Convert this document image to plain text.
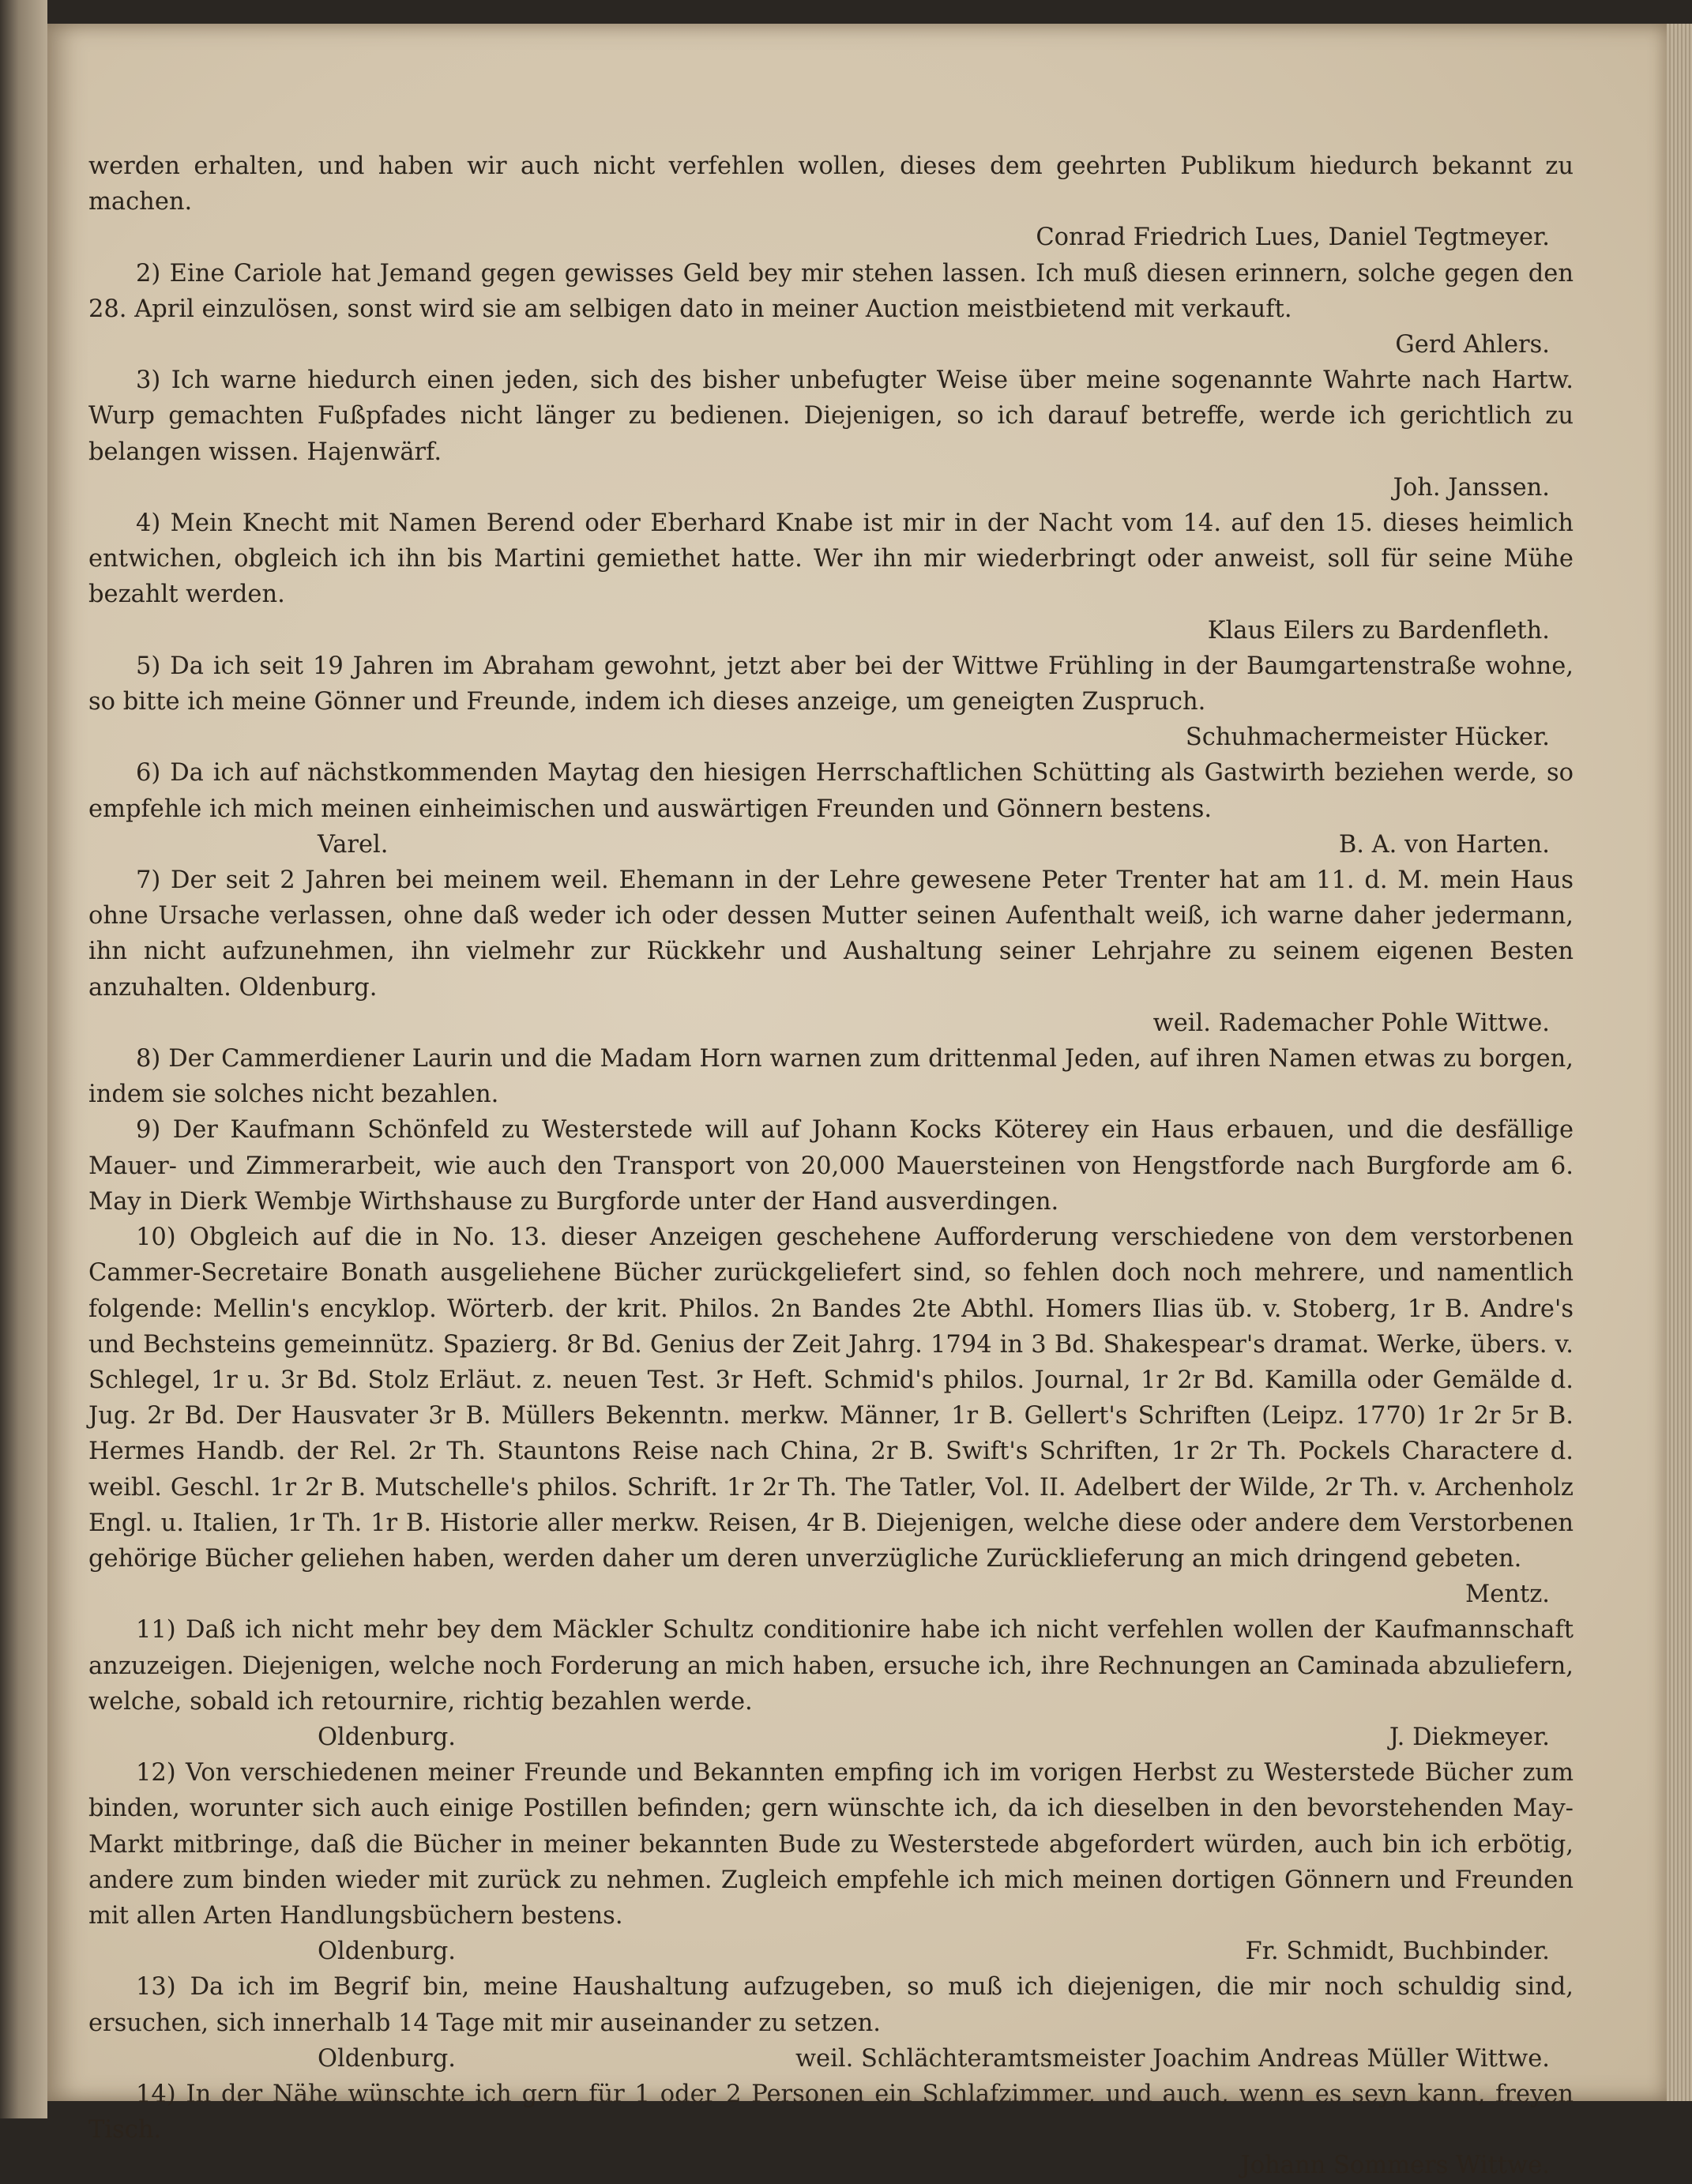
werden erhalten, und haben wir auch nicht verfehlen wollen, dieses dem geehrten Publikum hiedurch bekannt zu machen.

Conrad Friedrich Lues, Daniel Tegtmeyer.

2) Eine Cariole hat Jemand gegen gewisses Geld bey mir stehen lassen. Ich muß diesen erinnern, solche gegen den 28. April einzulösen, sonst wird sie am selbigen dato in meiner Auction meistbietend mit verkauft.

Gerd Ahlers.

3) Ich warne hiedurch einen jeden, sich des bisher unbefugter Weise über meine sogenannte Wahrte nach Hartw. Wurp gemachten Fußpfades nicht länger zu bedienen. Diejenigen, so ich darauf betreffe, werde ich gerichtlich zu belangen wissen. Hajenwärf.

Joh. Janssen.

4) Mein Knecht mit Namen Berend oder Eberhard Knabe ist mir in der Nacht vom 14. auf den 15. dieses heimlich entwichen, obgleich ich ihn bis Martini gemiethet hatte. Wer ihn mir wiederbringt oder anweist, soll für seine Mühe bezahlt werden.

Klaus Eilers zu Bardenfleth.

5) Da ich seit 19 Jahren im Abraham gewohnt, jetzt aber bei der Wittwe Frühling in der Baumgartenstraße wohne, so bitte ich meine Gönner und Freunde, indem ich dieses anzeige, um geneigten Zuspruch.

Schuhmachermeister Hücker.

6) Da ich auf nächstkommenden Maytag den hiesigen Herrschaftlichen Schütting als Gastwirth beziehen werde, so empfehle ich mich meinen einheimischen und auswärtigen Freunden und Gönnern bestens.

Varel.	B. A. von Harten.

7) Der seit 2 Jahren bei meinem weil. Ehemann in der Lehre gewesene Peter Trenter hat am 11. d. M. mein Haus ohne Ursache verlassen, ohne daß weder ich oder dessen Mutter seinen Aufenthalt weiß, ich warne daher jedermann, ihn nicht aufzunehmen, ihn vielmehr zur Rückkehr und Aushaltung seiner Lehrjahre zu seinem eigenen Besten anzuhalten. Oldenburg.

weil. Rademacher Pohle Wittwe.

8) Der Cammerdiener Laurin und die Madam Horn warnen zum drittenmal Jeden, auf ihren Namen etwas zu borgen, indem sie solches nicht bezahlen.

9) Der Kaufmann Schönfeld zu Westerstede will auf Johann Kocks Köterey ein Haus erbauen, und die desfällige Mauer- und Zimmerarbeit, wie auch den Transport von 20,000 Mauersteinen von Hengstforde nach Burgforde am 6. May in Dierk Wembje Wirthshause zu Burgforde unter der Hand ausverdingen.

10) Obgleich auf die in No. 13. dieser Anzeigen geschehene Aufforderung verschiedene von dem verstorbenen Cammer-Secretaire Bonath ausgeliehene Bücher zurückgeliefert sind, so fehlen doch noch mehrere, und namentlich folgende: Mellin's encyklop. Wörterb. der krit. Philos. 2n Bandes 2te Abthl. Homers Ilias üb. v. Stoberg, 1r B. Andre's und Bechsteins gemeinnütz. Spazierg. 8r Bd. Genius der Zeit Jahrg. 1794 in 3 Bd. Shakespear's dramat. Werke, übers. v. Schlegel, 1r u. 3r Bd. Stolz Erläut. z. neuen Test. 3r Heft. Schmid's philos. Journal, 1r 2r Bd. Kamilla oder Gemälde d. Jug. 2r Bd. Der Hausvater 3r B. Müllers Bekenntn. merkw. Männer, 1r B. Gellert's Schriften (Leipz. 1770) 1r 2r 5r B. Hermes Handb. der Rel. 2r Th. Stauntons Reise nach China, 2r B. Swift's Schriften, 1r 2r Th. Pockels Charactere d. weibl. Geschl. 1r 2r B. Mutschelle's philos. Schrift. 1r 2r Th. The Tatler, Vol. II. Adelbert der Wilde, 2r Th. v. Archenholz Engl. u. Italien, 1r Th. 1r B. Historie aller merkw. Reisen, 4r B. Diejenigen, welche diese oder andere dem Verstorbenen gehörige Bücher geliehen haben, werden daher um deren unverzügliche Zurücklieferung an mich dringend gebeten.

Mentz.

11) Daß ich nicht mehr bey dem Mäckler Schultz conditionire habe ich nicht verfehlen wollen der Kaufmannschaft anzuzeigen. Diejenigen, welche noch Forderung an mich haben, ersuche ich, ihre Rechnungen an Caminada abzuliefern, welche, sobald ich retournire, richtig bezahlen werde.

Oldenburg.	J. Diekmeyer.

12) Von verschiedenen meiner Freunde und Bekannten empfing ich im vorigen Herbst zu Westerstede Bücher zum binden, worunter sich auch einige Postillen befinden; gern wünschte ich, da ich dieselben in den bevorstehenden May-Markt mitbringe, daß die Bücher in meiner bekannten Bude zu Westerstede abgefordert würden, auch bin ich erbötig, andere zum binden wieder mit zurück zu nehmen. Zugleich empfehle ich mich meinen dortigen Gönnern und Freunden mit allen Arten Handlungsbüchern bestens.

Oldenburg.	Fr. Schmidt, Buchbinder.

13) Da ich im Begrif bin, meine Haushaltung aufzugeben, so muß ich diejenigen, die mir noch schuldig sind, ersuchen, sich innerhalb 14 Tage mit mir auseinander zu setzen.

Oldenburg.	weil. Schlächteramtsmeister Joachim Andreas Müller Wittwe.

14) In der Nähe wünschte ich gern für 1 oder 2 Personen ein Schlafzimmer, und auch, wenn es seyn kann, freyen Tisch.

Johann Sommers Wittwe.
